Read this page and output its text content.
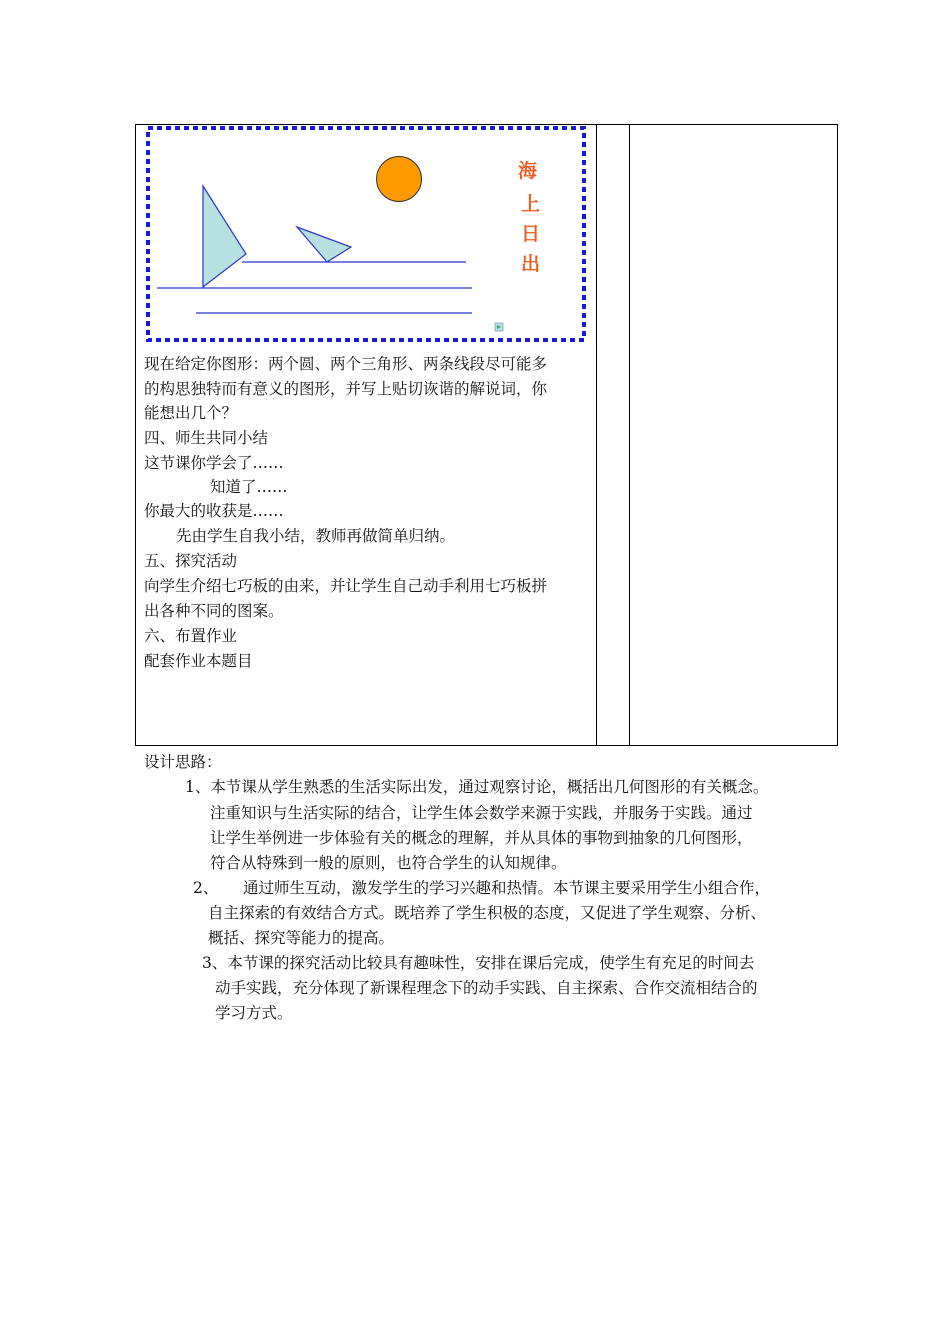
海
上
日
出
现在给定你图形：两个圆、两个三角形、两条线段尽可能多
的构思独特而有意义的图形，并写上贴切诙谐的解说词，你
能想出几个？
四、师生共同小结
这节课你学会了……
知道了……
你最大的收获是……
先由学生自我小结，教师再做简单归纳。
五、探究活动
向学生介绍七巧板的由来，并让学生自己动手利用七巧板拼
出各种不同的图案。
六、布置作业
配套作业本题目
设计思路：
1、本节课从学生熟悉的生活实际出发，通过观察讨论，概括出几何图形的有关概念。
注重知识与生活实际的结合，让学生体会数学来源于实践，并服务于实践。通过
让学生举例进一步体验有关的概念的理解，并从具体的事物到抽象的几何图形，
符合从特殊到一般的原则，也符合学生的认知规律。
2、 通过师生互动，激发学生的学习兴趣和热情。本节课主要采用学生小组合作，
自主探索的有效结合方式。既培养了学生积极的态度，又促进了学生观察、分析、
概括、探究等能力的提高。
3、本节课的探究活动比较具有趣味性，安排在课后完成，使学生有充足的时间去
动手实践，充分体现了新课程理念下的动手实践、自主探索、合作交流相结合的
学习方式。
